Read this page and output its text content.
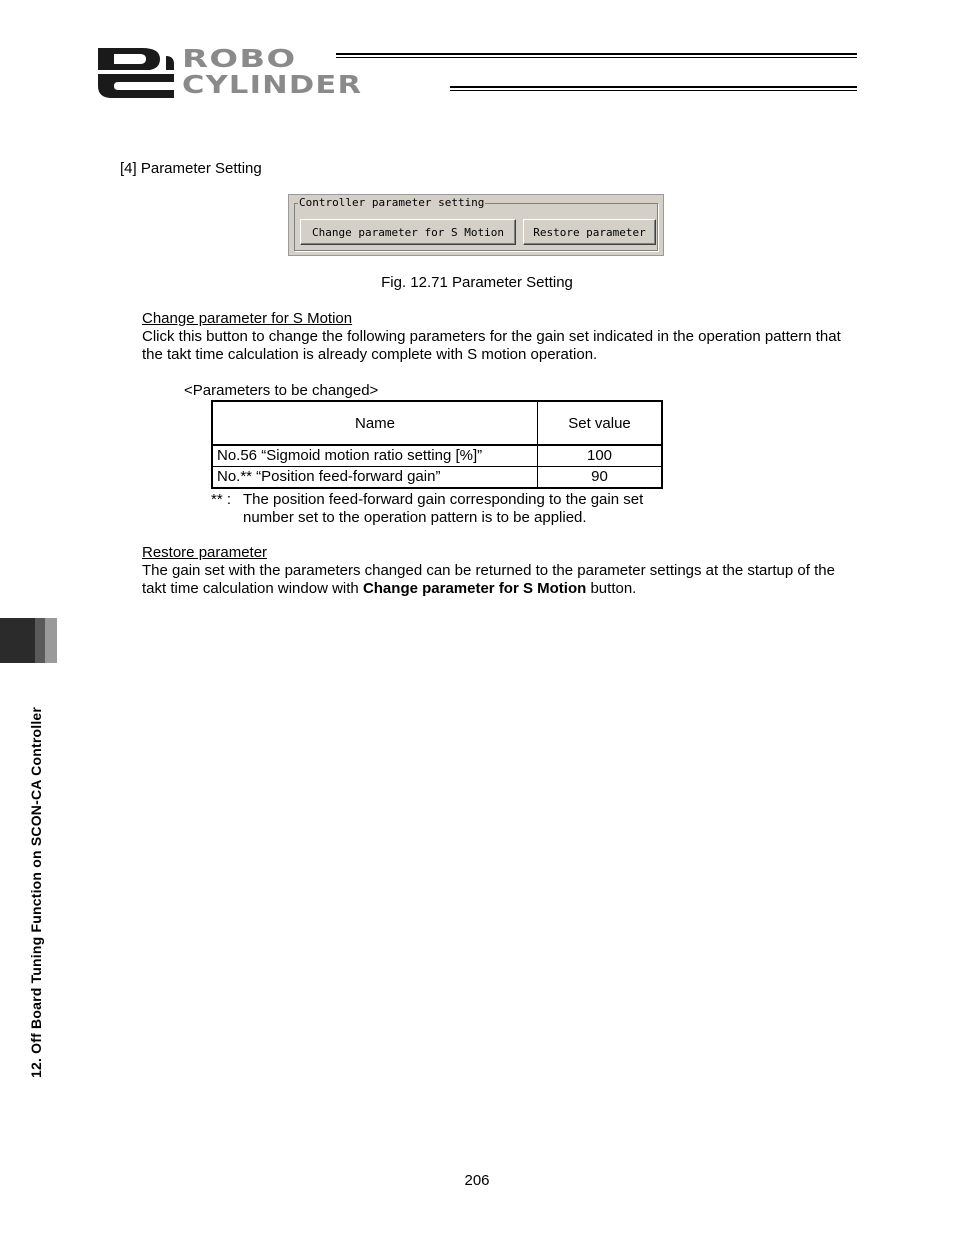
ROBO
CYLINDER
[4] Parameter Setting
Controller parameter setting
Change parameter for S Motion	Restore parameter
Fig. 12.71 Parameter Setting
Change parameter for S Motion
Click this button to change the following parameters for the gain set indicated in the operation pattern that the takt time calculation is already complete with S motion operation.
<Parameters to be changed>
Name	Set value
No.56 “Sigmoid motion ratio setting [%]”	100
No.** “Position feed-forward gain”	90
** : The position feed-forward gain corresponding to the gain set number set to the operation pattern is to be applied.
Restore parameter
The gain set with the parameters changed can be returned to the parameter settings at the startup of the takt time calculation window with Change parameter for S Motion button.
12. Off Board Tuning Function on SCON-CA Controller
206
